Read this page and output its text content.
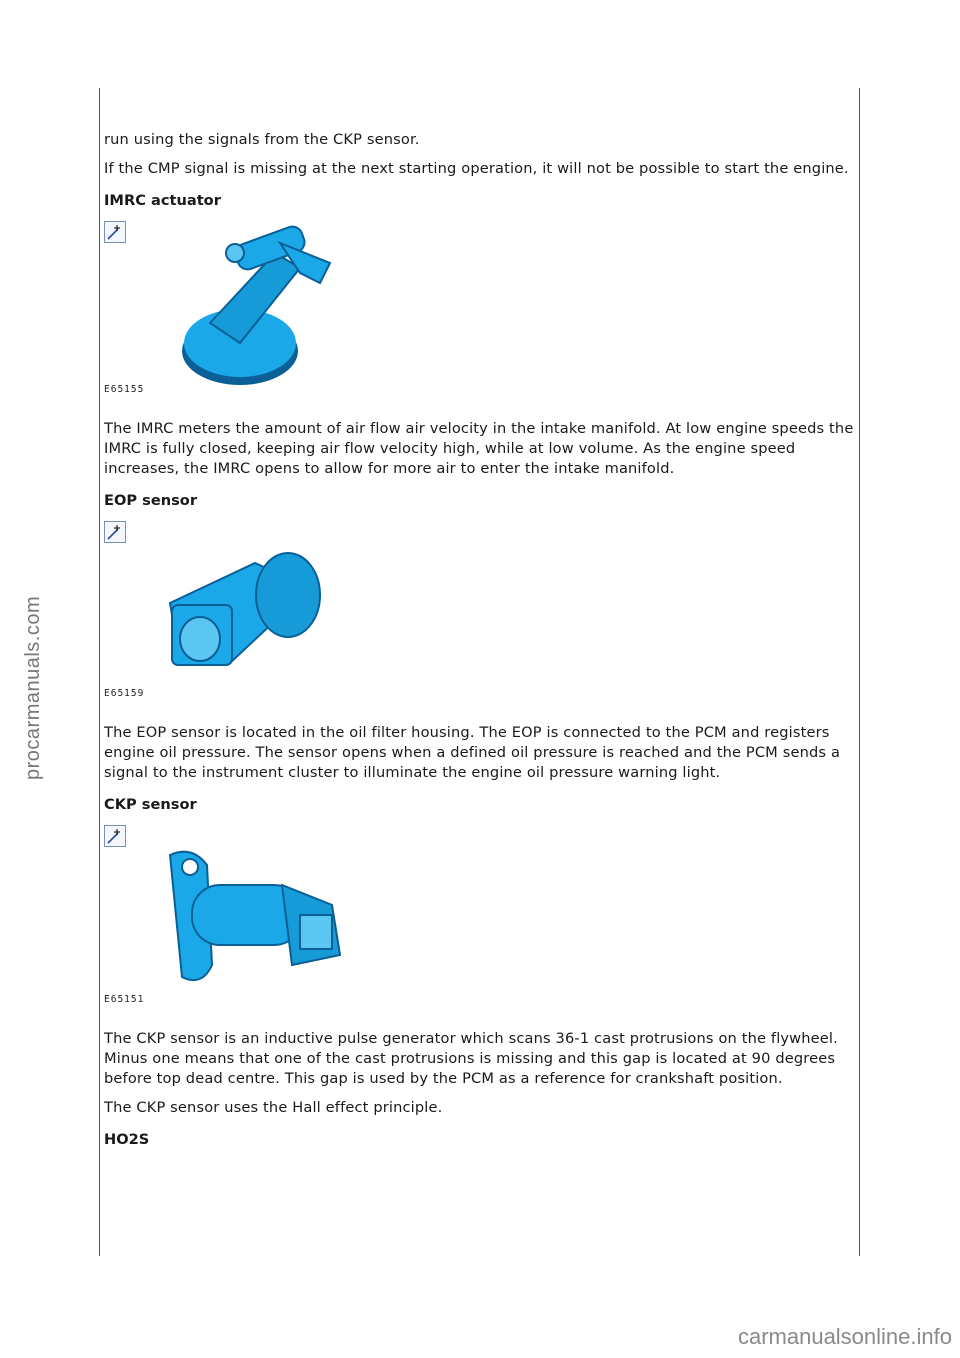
procarmanuals.com

run using the signals from the CKP sensor.

If the CMP signal is missing at the next starting operation, it will not be possible to start the engine.

IMRC actuator
E65155

The IMRC meters the amount of air flow air velocity in the intake manifold. At low engine speeds the IMRC is fully closed, keeping air flow velocity high, while at low volume. As the engine speed increases, the IMRC opens to allow for more air to enter the intake manifold.

EOP sensor
E65159

The EOP sensor is located in the oil filter housing. The EOP is connected to the PCM and registers engine oil pressure. The sensor opens when a defined oil pressure is reached and the PCM sends a signal to the instrument cluster to illuminate the engine oil pressure warning light.

CKP sensor
E65151

The CKP sensor is an inductive pulse generator which scans 36-1 cast protrusions on the flywheel. Minus one means that one of the cast protrusions is missing and this gap is located at 90 degrees before top dead centre. This gap is used by the PCM as a reference for crankshaft position.

The CKP sensor uses the Hall effect principle.

HO2S
carmanualsonline.info
